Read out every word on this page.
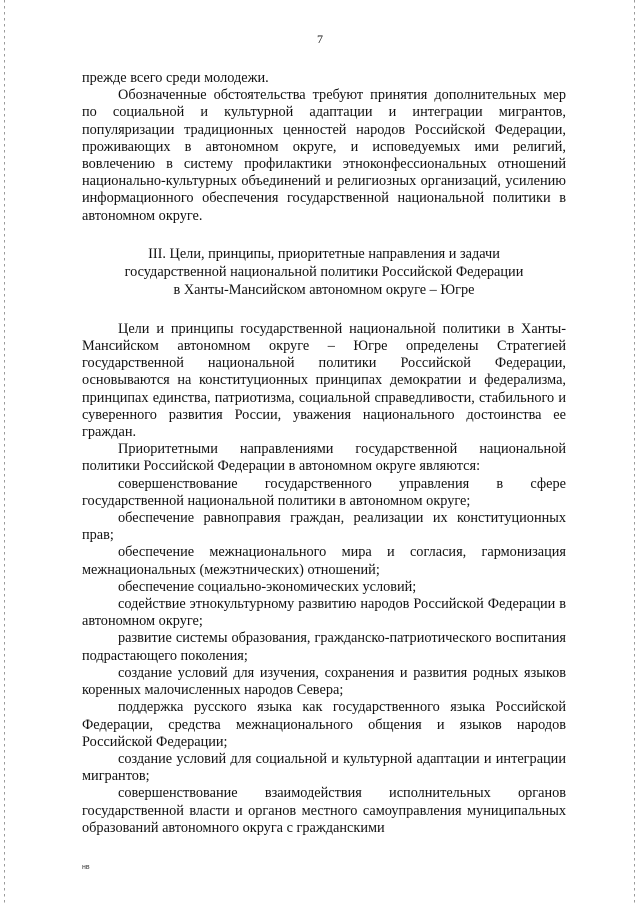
7

прежде всего среди молодежи.

Обозначенные обстоятельства требуют принятия дополнительных мер по социальной и культурной адаптации и интеграции мигрантов, популяризации традиционных ценностей народов Российской Федерации, проживающих в автономном округе, и исповедуемых ими религий, вовлечению в систему профилактики этноконфессиональных отношений национально-культурных объединений и религиозных организаций, усилению информационного обеспечения государственной национальной политики в автономном округе.

III. Цели, принципы, приоритетные направления и задачи
государственной национальной политики Российской Федерации
в Ханты-Мансийском автономном округе – Югре

Цели и принципы государственной национальной политики в Ханты-Мансийском автономном округе – Югре определены Стратегией государственной национальной политики Российской Федерации, основываются на конституционных принципах демократии и федерализма, принципах единства, патриотизма, социальной справедливости, стабильного и суверенного развития России, уважения национального достоинства ее граждан.

Приоритетными направлениями государственной национальной политики Российской Федерации в автономном округе являются:

совершенствование государственного управления в сфере государственной национальной политики в автономном округе;

обеспечение равноправия граждан, реализации их конституционных прав;

обеспечение межнационального мира и согласия, гармонизация межнациональных (межэтнических) отношений;

обеспечение социально-экономических условий;

содействие этнокультурному развитию народов Российской Федерации в автономном округе;

развитие системы образования, гражданско-патриотического воспитания подрастающего поколения;

создание условий для изучения, сохранения и развития родных языков коренных малочисленных народов Севера;

поддержка русского языка как государственного языка Российской Федерации, средства межнационального общения и языков народов Российской Федерации;

создание условий для социальной и культурной адаптации и интеграции мигрантов;

совершенствование взаимодействия исполнительных органов государственной власти и органов местного самоуправления муниципальных образований автономного округа с гражданскими

нв
